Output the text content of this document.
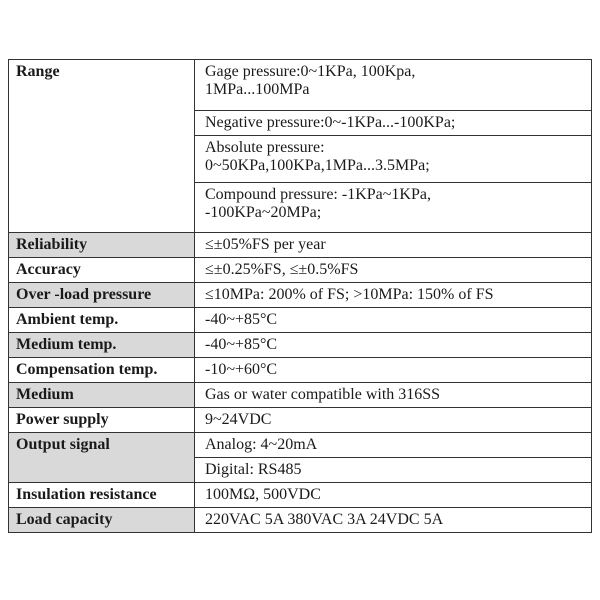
Range	Gage pressure:0~1KPa, 100Kpa,
1MPa...100MPa

	Negative pressure:0~-1KPa...-100KPa;

	Absolute pressure:
0~50KPa,100KPa,1MPa...3.5MPa;

	Compound pressure: -1KPa~1KPa,
-100KPa~20MPa;

Reliability	≤±05%FS per year
Accuracy	≤±0.25%FS, ≤±0.5%FS
Over -load pressure	≤10MPa: 200% of FS; >10MPa: 150% of FS
Ambient temp.	-40~+85°C
Medium temp.	-40~+85°C
Compensation temp.	-10~+60°C
Medium	Gas or water compatible with 316SS
Power supply	9~24VDC
Output signal	Analog: 4~20mA
	Digital: RS485
Insulation resistance	100MΩ, 500VDC
Load capacity	220VAC 5A 380VAC 3A 24VDC 5A
